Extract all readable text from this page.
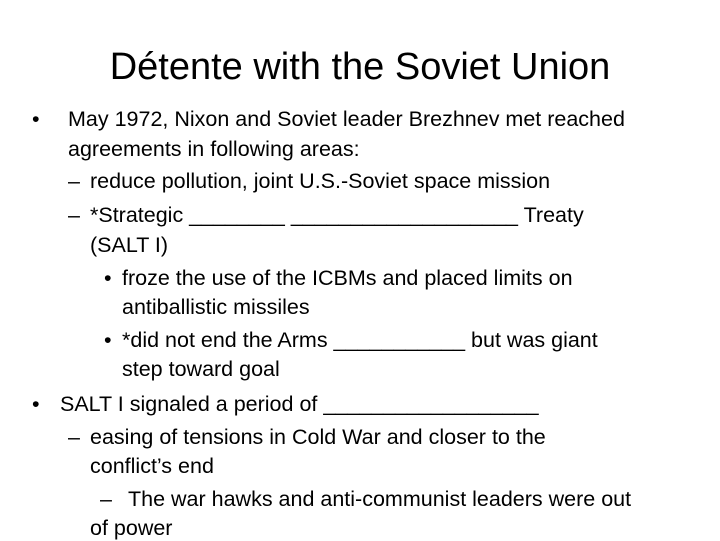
Détente with the Soviet Union
• May 1972, Nixon and Soviet leader Brezhnev met reached
agreements in following areas:
– reduce pollution, joint U.S.-Soviet space mission
– *Strategic ________ ___________________ Treaty
(SALT I)
• froze the use of the ICBMs and placed limits on
antiballistic missiles
• *did not end the Arms ___________ but was giant
step toward goal
• SALT I signaled a period of __________________
– easing of tensions in Cold War and closer to the
conflict’s end
– The war hawks and anti-communist leaders were out
of power
